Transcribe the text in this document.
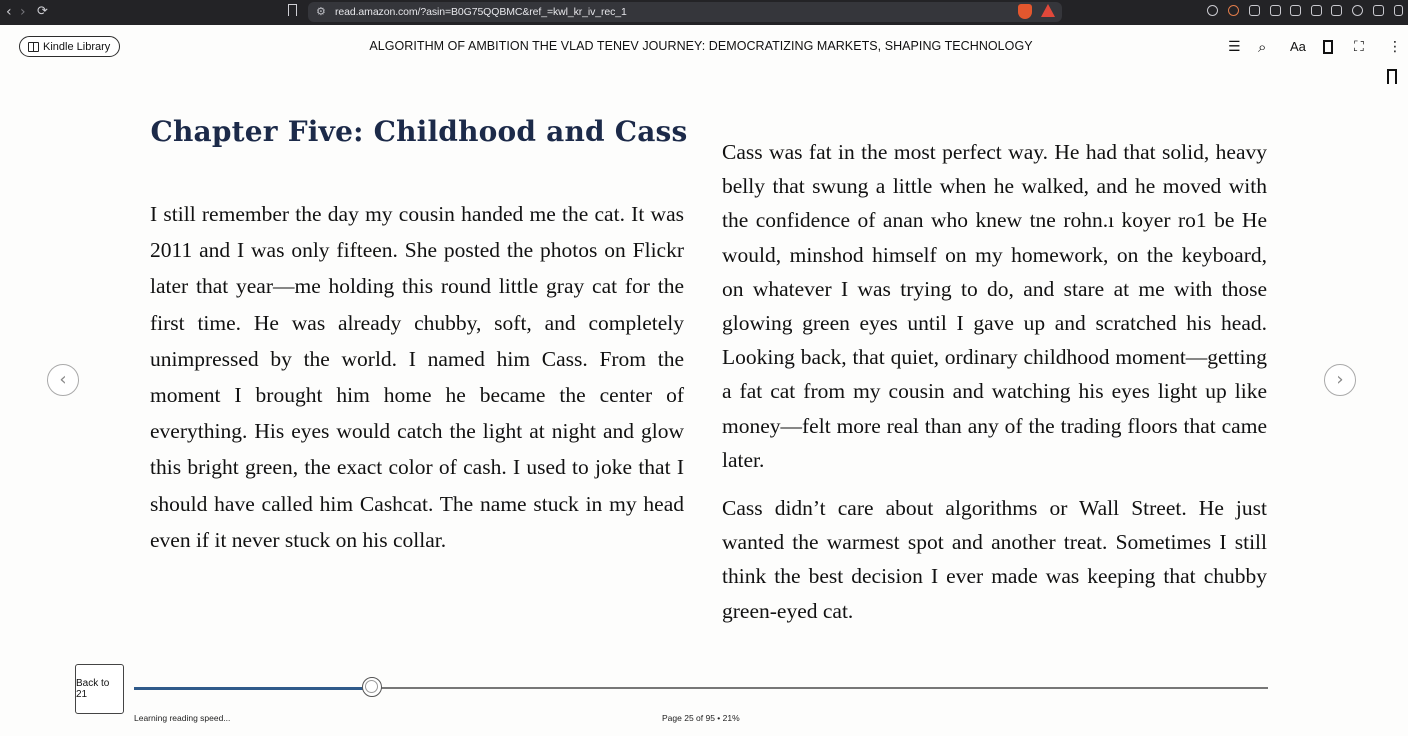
‹ › ⟳	⚙ read.amazon.com/?asin=B0G75QQBMC&ref_=kwl_kr_iv_rec_1
Kindle Library	ALGORITHM OF AMBITION THE VLAD TENEV JOURNEY: DEMOCRATIZING MARKETS, SHAPING TECHNOLOGY	☰ ⌕ Aa	⛶ ⋮
Chapter Five: Childhood and Cass

I still remember the day my cousin handed me the cat. It was 2011 and I was only fifteen. She posted the photos on Flickr later that year—me holding this round little gray cat for the first time. He was already chubby, soft, and completely unimpressed by the world. I named him Cass. From the moment I brought him home he became the center of everything. His eyes would catch the light at night and glow this bright green, the exact color of cash. I used to joke that I should have called him Cashcat. The name stuck in my head even if it never stuck on his collar.

Cass was fat in the most perfect way. He had that solid, heavy belly that swung a little when he walked, and he moved with the confidence of anan who knew tne rohn.ı koyer ro1 be He would, minshod himself on my homework, on the keyboard, on whatever I was trying to do, and stare at me with those glowing green eyes until I gave up and scratched his head. Looking back, that quiet, ordinary childhood moment—getting a fat cat from my cousin and watching his eyes light up like money—felt more real than any of the trading floors that came later.

Cass didn’t care about algorithms or Wall Street. He just wanted the warmest spot and another treat. Sometimes I still think the best decision I ever made was keeping that chubby green-eyed cat.

‹	›
Back to 21
Learning reading speed...	Page 25 of 95 • 21%
